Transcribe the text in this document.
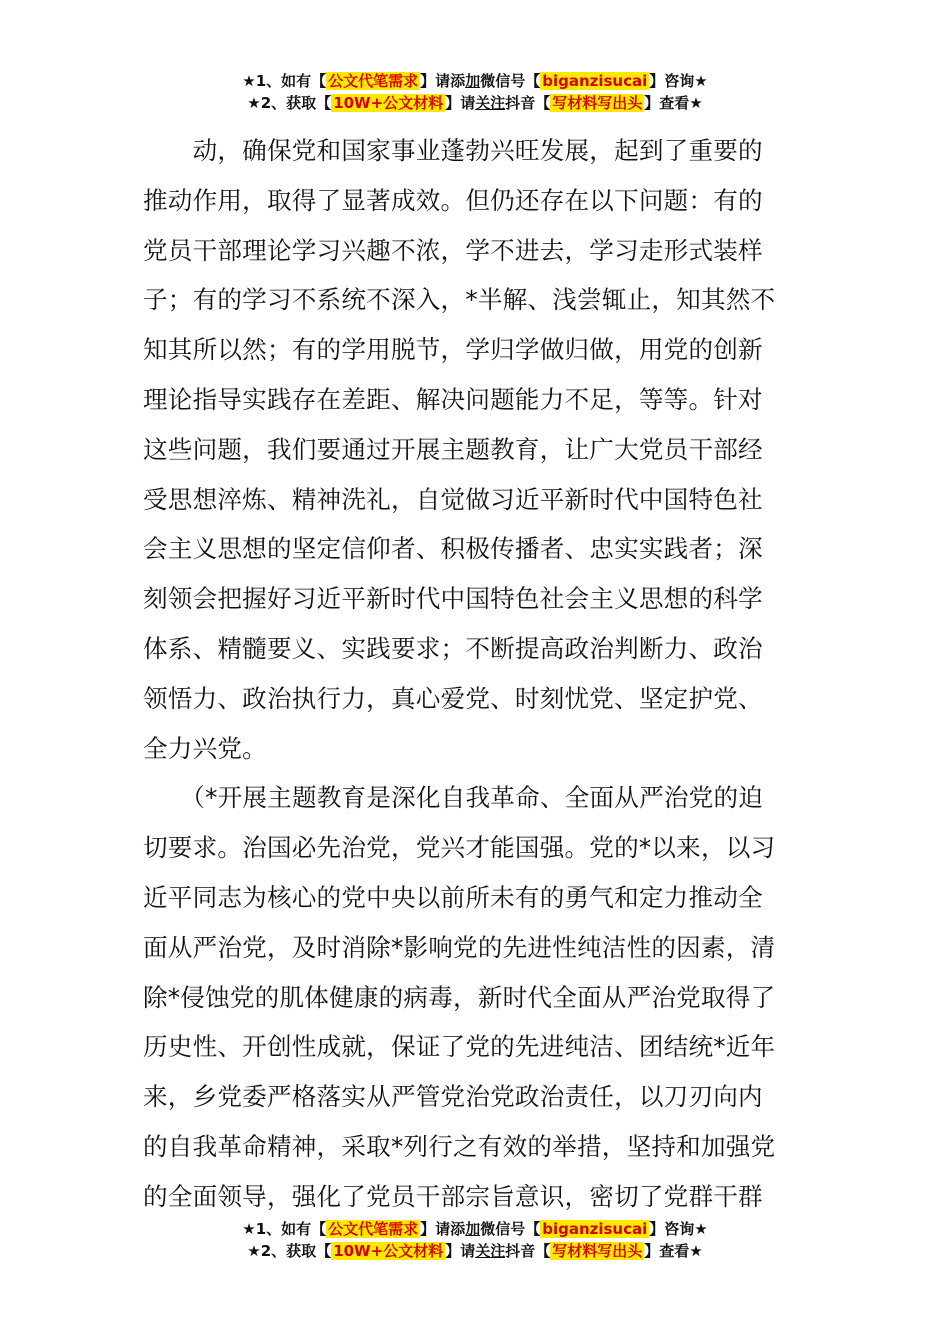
★1、如有【 公文代笔需求 】请添加微信号【 biganzisucai 】咨询★
★2、获取【 10W+公文材料 】请关注抖音【 写材料写出头 】查看★
　　动，确保党和国家事业蓬勃兴旺发展，起到了重要的
推动作用，取得了显著成效。但仍还存在以下问题：有的
党员干部理论学习兴趣不浓，学不进去，学习走形式装样
子；有的学习不系统不深入，*半解、浅尝辄止，知其然不
知其所以然；有的学用脱节，学归学做归做，用党的创新
理论指导实践存在差距、解决问题能力不足，等等。针对
这些问题，我们要通过开展主题教育，让广大党员干部经
受思想淬炼、精神洗礼，自觉做习近平新时代中国特色社
会主义思想的坚定信仰者、积极传播者、忠实实践者；深
刻领会把握好习近平新时代中国特色社会主义思想的科学
体系、精髓要义、实践要求；不断提高政治判断力、政治
领悟力、政治执行力，真心爱党、时刻忧党、坚定护党、
全力兴党。
　　（*开展主题教育是深化自我革命、全面从严治党的迫
切要求。治国必先治党，党兴才能国强。党的*以来，以习
近平同志为核心的党中央以前所未有的勇气和定力推动全
面从严治党，及时消除*影响党的先进性纯洁性的因素，清
除*侵蚀党的肌体健康的病毒，新时代全面从严治党取得了
历史性、开创性成就，保证了党的先进纯洁、团结统*近年
来，乡党委严格落实从严管党治党政治责任，以刀刃向内
的自我革命精神，采取*列行之有效的举措，坚持和加强党
的全面领导，强化了党员干部宗旨意识，密切了党群干群
★1、如有【 公文代笔需求 】请添加微信号【 biganzisucai 】咨询★
★2、获取【 10W+公文材料 】请关注抖音【 写材料写出头 】查看★
